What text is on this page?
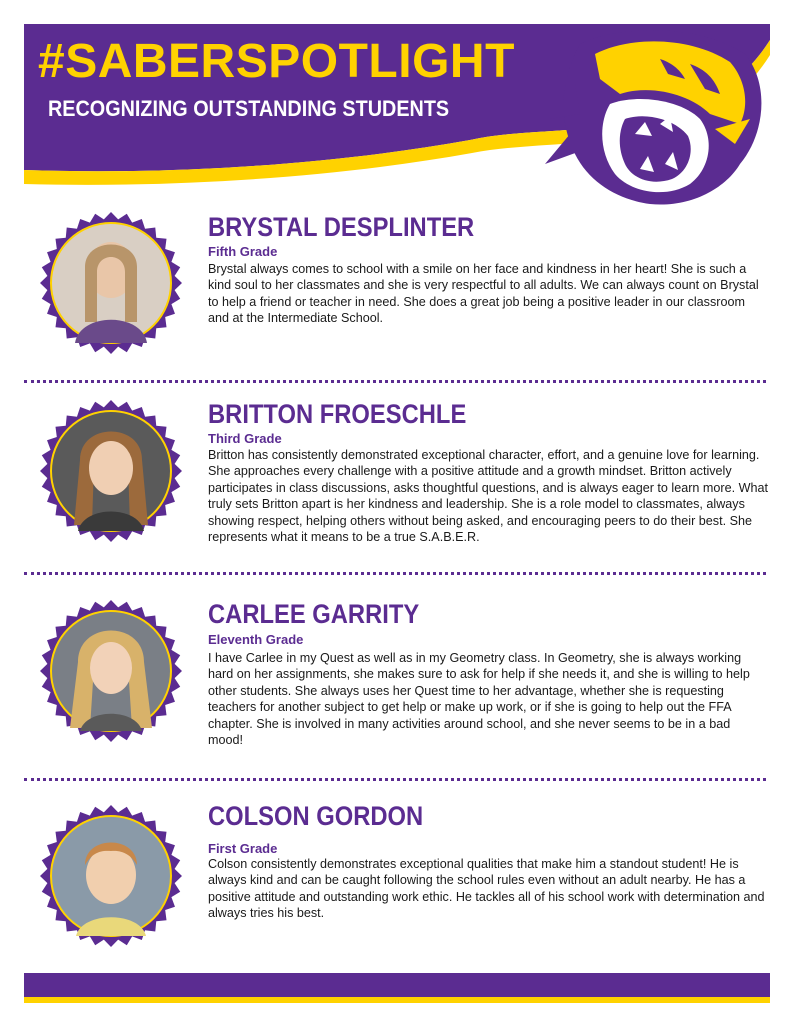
#SABERSPOTLIGHT
RECOGNIZING OUTSTANDING STUDENTS
BRYSTAL DESPLINTER

Fifth Grade

Brystal always comes to school with a smile on her face and kindness in her heart! She is such a kind soul to her classmates and she is very respectful to all adults. We can always count on Brystal to help a friend or teacher in need. She does a great job being a positive leader in our classroom and at the Intermediate School.

BRITTON FROESCHLE

Third Grade

Britton has consistently demonstrated exceptional character, effort, and a genuine love for learning. She approaches every challenge with a positive attitude and a growth mindset. Britton actively participates in class discussions, asks thoughtful questions, and is always eager to learn more. What truly sets Britton apart is her kindness and leadership. She is a role model to classmates, always showing respect, helping others without being asked, and encouraging peers to do their best. She represents what it means to be a true S.A.B.E.R.

CARLEE GARRITY

Eleventh Grade

I have Carlee in my Quest as well as in my Geometry class. In Geometry, she is always working hard on her assignments, she makes sure to ask for help if she needs it, and she is willing to help other students. She always uses her Quest time to her advantage, whether she is requesting teachers for another subject to get help or make up work, or if she is going to help out the FFA chapter. She is involved in many activities around school, and she never seems to be in a bad mood!

COLSON GORDON

First Grade

Colson consistently demonstrates exceptional qualities that make him a standout student! He is always kind and can be caught following the school rules even without an adult nearby. He has a positive attitude and outstanding work ethic. He tackles all of his school work with determination and always tries his best.
